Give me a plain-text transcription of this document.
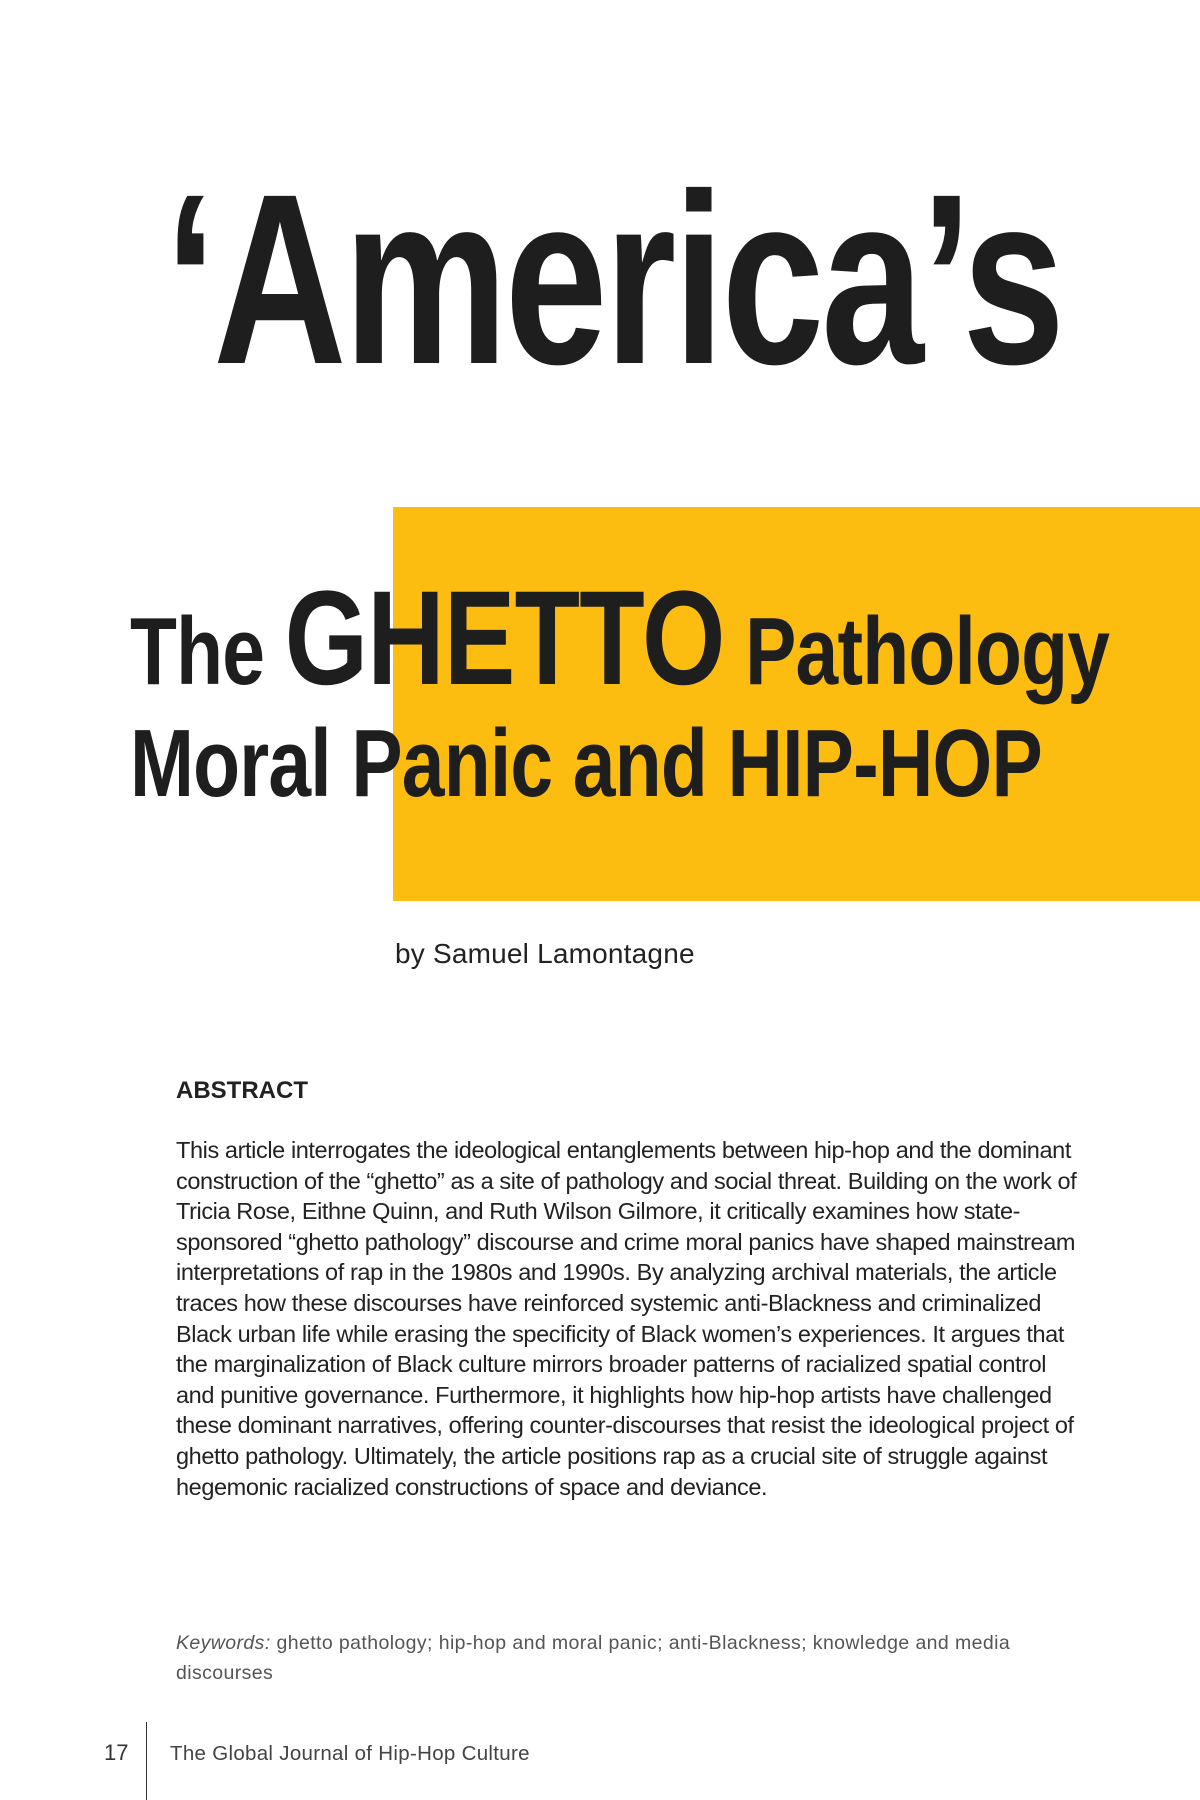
‘America’s
The GHETTO Pathology
Moral Panic and HIP-HOP

by Samuel Lamontagne

ABSTRACT

This article interrogates the ideological entanglements between hip-hop and the dominant construction of the “ghetto” as a site of pathology and social threat. Building on the work of Tricia Rose, Eithne Quinn, and Ruth Wilson Gilmore, it critically examines how state-sponsored “ghetto pathology” discourse and crime moral panics have shaped mainstream interpretations of rap in the 1980s and 1990s. By analyzing archival materials, the article traces how these discourses have reinforced systemic anti-Blackness and criminalized Black urban life while erasing the specificity of Black women’s experiences. It argues that the marginalization of Black culture mirrors broader patterns of racialized spatial control and punitive governance. Furthermore, it highlights how hip-hop artists have challenged these dominant narratives, offering counter-discourses that resist the ideological project of ghetto pathology. Ultimately, the article positions rap as a crucial site of struggle against hegemonic racialized constructions of space and deviance.

Keywords: ghetto pathology; hip-hop and moral panic; anti-Blackness; knowledge and media discourses

17 The Global Journal of Hip-Hop Culture
